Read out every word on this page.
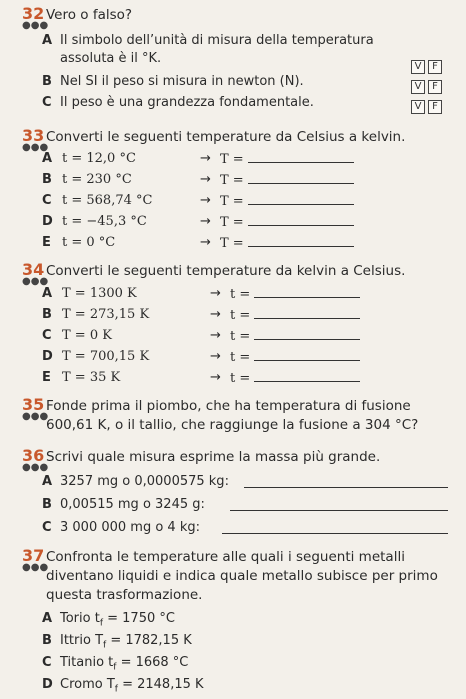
32
●●●
Vero o falso?
A Il simbolo dell’unità di misura della temperatura
assoluta è il °K.
V	F
B Nel SI il peso si misura in newton (N).	V	F
C Il peso è una grandezza fondamentale.	V	F
33
●●●
Converti le seguenti temperature da Celsius a kelvin.
A t = 12,0 °C	→ T =
B t = 230 °C	→ T =
C t = 568,74 °C	→ T =
D t = −45,3 °C	→ T =
E t = 0 °C	→ T =
34
●●●
Converti le seguenti temperature da kelvin a Celsius.
A T = 1300 K	→ t =
B T = 273,15 K	→ t =
C T = 0 K	→ t =
D T = 700,15 K	→ t =
E T = 35 K	→ t =
35
●●●
Fonde prima il piombo, che ha temperatura di fusione
600,61 K, o il tallio, che raggiunge la fusione a 304 °C?
36
●●●
Scrivi quale misura esprime la massa più grande.
A 3257 mg o 0,0000575 kg:
B 0,00515 mg o 3245 g:
C 3 000 000 mg o 4 kg:
37
●●●
Confronta le temperature alle quali i seguenti metalli
diventano liquidi e indica quale metallo subisce per primo
questa trasformazione.
A Torio $t_f = 1750$ °C
B Ittrio $T_f = 1782,15$ K
C Titanio $t_f = 1668$ °C
D Cromo $T_f = 2148,15$ K
